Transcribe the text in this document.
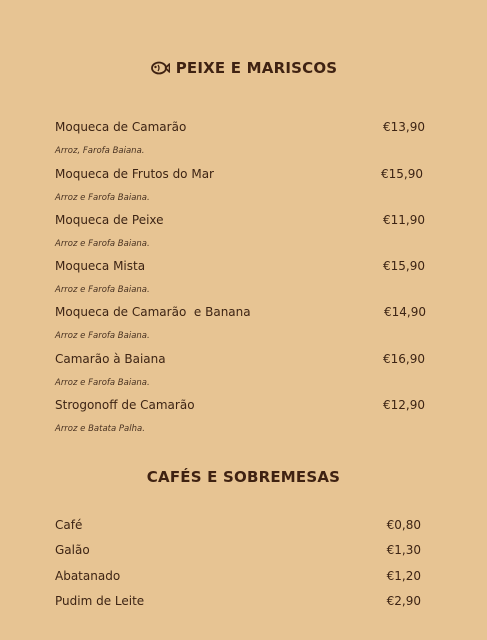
PEIXE E MARISCOS
Moqueca de Camarão	€13,90
Arroz, Farofa Baiana.
Moqueca de Frutos do Mar	€15,90
Arroz e Farofa Baiana.
Moqueca de Peixe	€11,90
Arroz e Farofa Baiana.
Moqueca Mista	€15,90
Arroz e Farofa Baiana.
Moqueca de Camarão  e Banana	€14,90
Arroz e Farofa Baiana.
Camarão à Baiana	€16,90
Arroz e Farofa Baiana.
Strogonoff de Camarão	€12,90
Arroz e Batata Palha.
CAFÉS E SOBREMESAS
Café	€0,80
Galão	€1,30
Abatanado	€1,20
Pudim de Leite	€2,90
